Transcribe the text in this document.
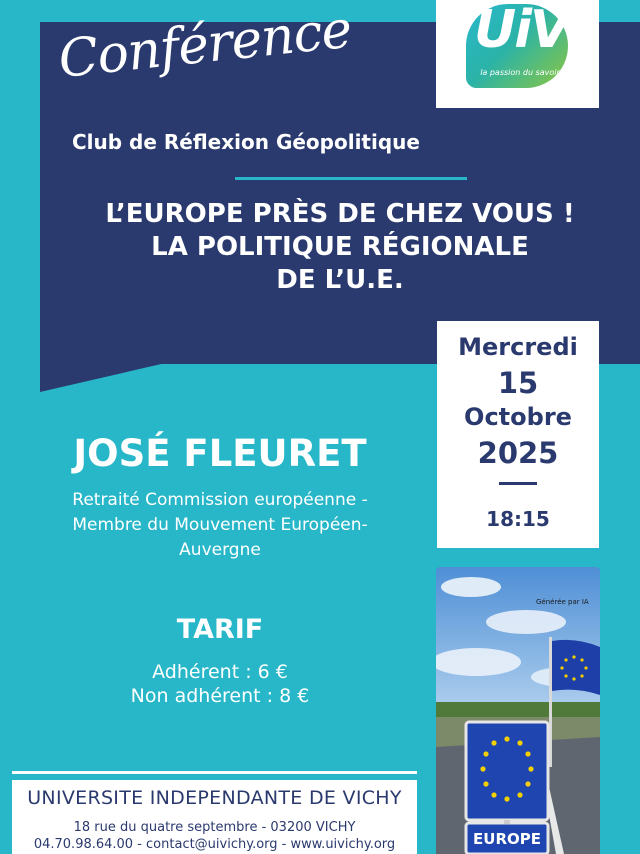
Conférence
Club de Réflexion Géopolitique
L’EUROPE PRÈS DE CHEZ VOUS !
LA POLITIQUE RÉGIONALE
DE L’U.E.
UiV
la passion du savoir
Mercredi
15
Octobre
2025
18:15
JOSÉ FLEURET
Retraité Commission européenne -
Membre du Mouvement Européen-
Auvergne
TARIF
Adhérent : 6 €
Non adhérent : 8 €
Générée par IA
EUROPE
UNIVERSITE INDEPENDANTE DE VICHY
18 rue du quatre septembre - 03200 VICHY
04.70.98.64.00 - contact@uivichy.org - www.uivichy.org
